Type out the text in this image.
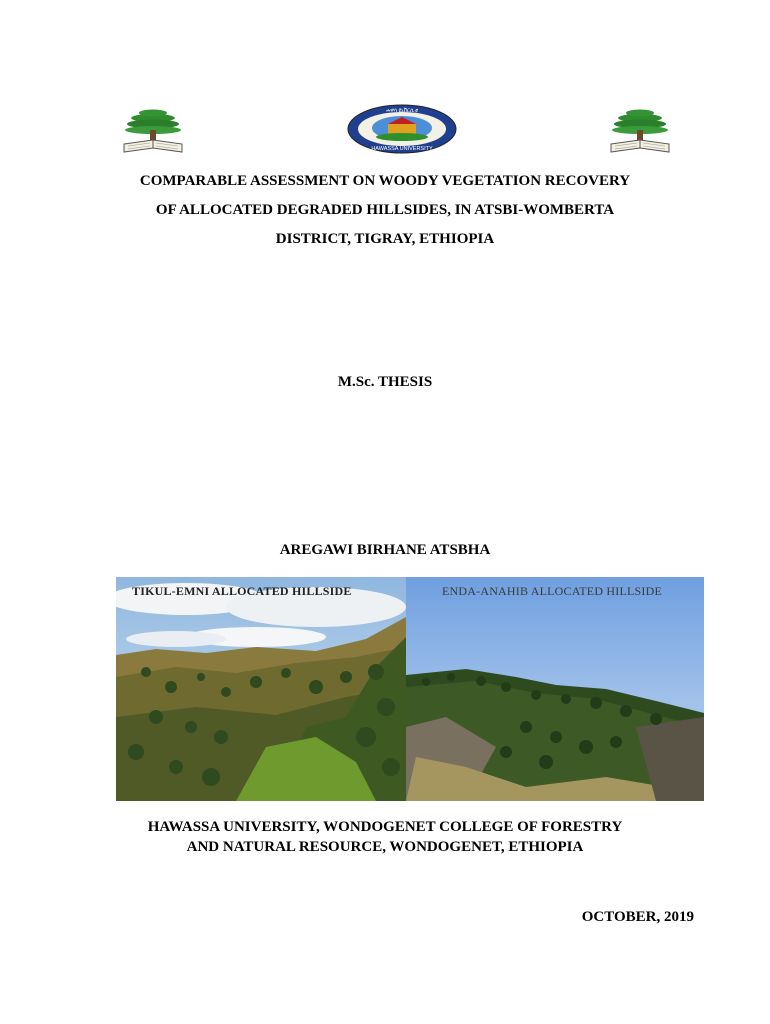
ሐዋሳ ዩኒቨርሲቲ
HAWASSA UNIVERSITY
COMPARABLE ASSESSMENT ON WOODY VEGETATION RECOVERY
OF ALLOCATED DEGRADED HILLSIDES, IN ATSBI-WOMBERTA
DISTRICT, TIGRAY, ETHIOPIA
M.Sc. THESIS
AREGAWI BIRHANE ATSBHA
TIKUL-EMNI ALLOCATED HILLSIDE	ENDA-ANAHIB ALLOCATED HILLSIDE
HAWASSA UNIVERSITY, WONDOGENET COLLEGE OF FORESTRY
AND NATURAL RESOURCE, WONDOGENET, ETHIOPIA
OCTOBER, 2019
